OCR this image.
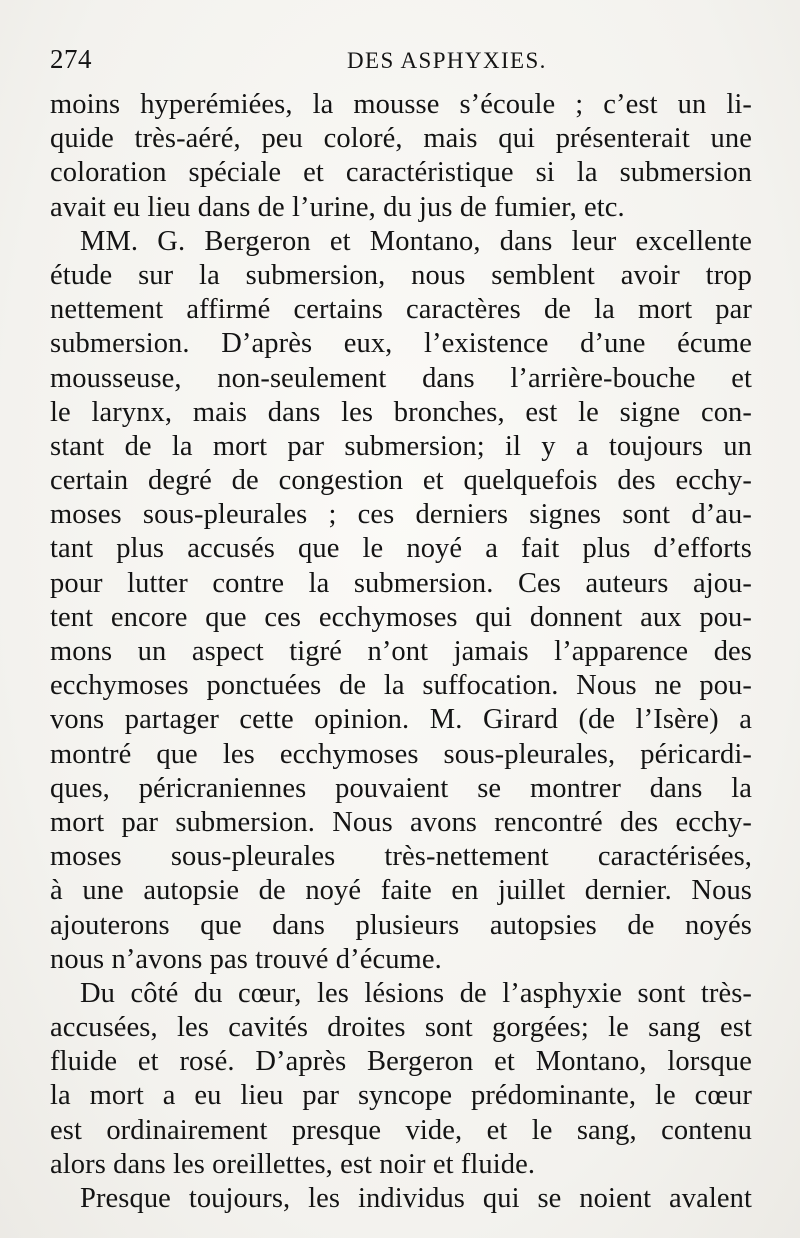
274	DES ASPHYXIES.
moins hyperémiées, la mousse s’écoule ; c’est un li-
quide très-aéré, peu coloré, mais qui présenterait une
coloration spéciale et caractéristique si la submersion
avait eu lieu dans de l’urine, du jus de fumier, etc.
MM. G. Bergeron et Montano, dans leur excellente
étude sur la submersion, nous semblent avoir trop
nettement affirmé certains caractères de la mort par
submersion. D’après eux, l’existence d’une écume
mousseuse, non-seulement dans l’arrière-bouche et
le larynx, mais dans les bronches, est le signe con-
stant de la mort par submersion; il y a toujours un
certain degré de congestion et quelquefois des ecchy-
moses sous-pleurales ; ces derniers signes sont d’au-
tant plus accusés que le noyé a fait plus d’efforts
pour lutter contre la submersion. Ces auteurs ajou-
tent encore que ces ecchymoses qui donnent aux pou-
mons un aspect tigré n’ont jamais l’apparence des
ecchymoses ponctuées de la suffocation. Nous ne pou-
vons partager cette opinion. M. Girard (de l’Isère) a
montré que les ecchymoses sous-pleurales, péricardi-
ques, péricraniennes pouvaient se montrer dans la
mort par submersion. Nous avons rencontré des ecchy-
moses sous-pleurales très-nettement caractérisées,
à une autopsie de noyé faite en juillet dernier. Nous
ajouterons que dans plusieurs autopsies de noyés
nous n’avons pas trouvé d’écume.
Du côté du cœur, les lésions de l’asphyxie sont très-
accusées, les cavités droites sont gorgées; le sang est
fluide et rosé. D’après Bergeron et Montano, lorsque
la mort a eu lieu par syncope prédominante, le cœur
est ordinairement presque vide, et le sang, contenu
alors dans les oreillettes, est noir et fluide.
Presque toujours, les individus qui se noient avalent
